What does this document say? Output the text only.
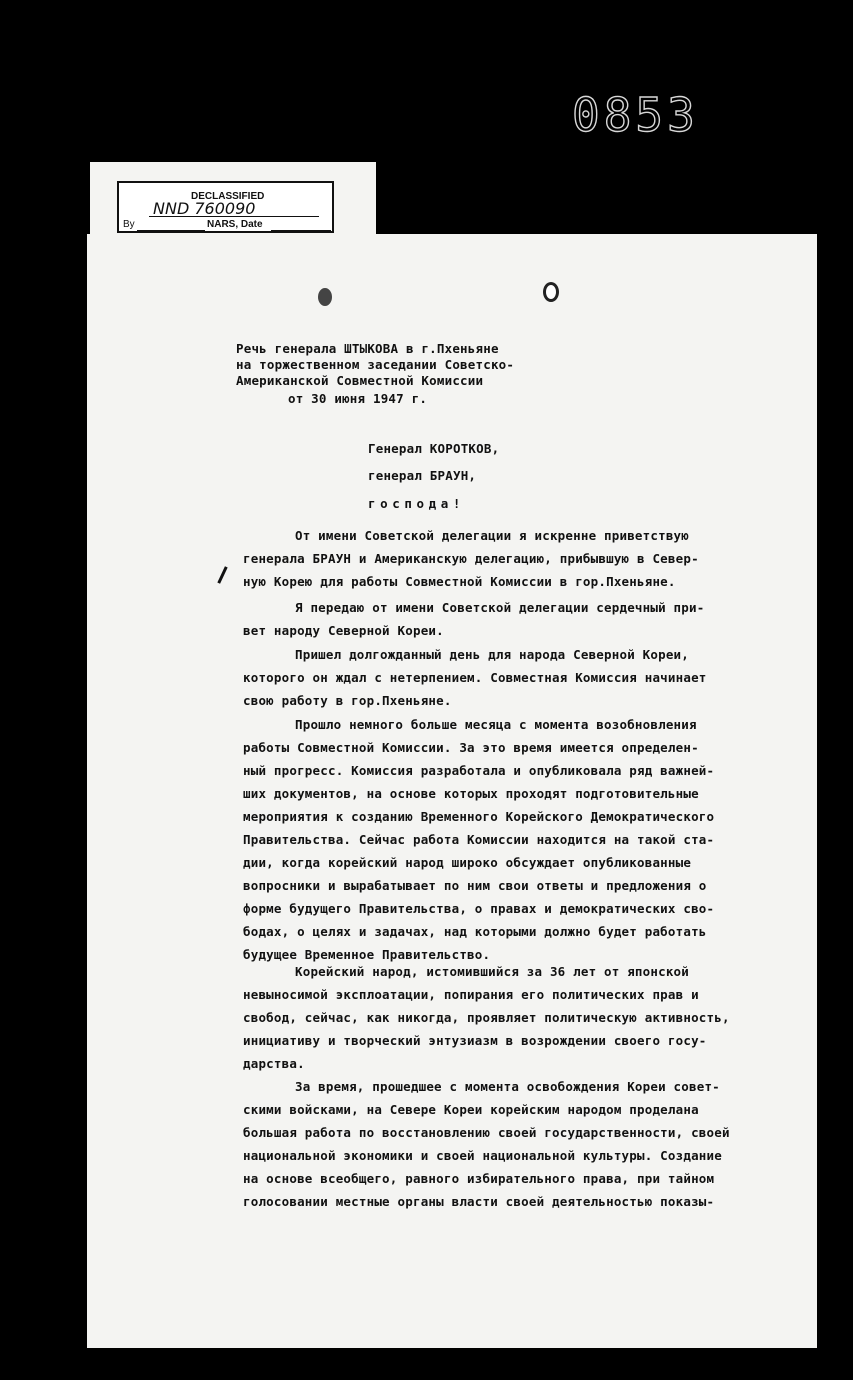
0853
DECLASSIFIED
NND 760090
By	NARS, Date
Речь генерала ШТЫКОВА в г.Пхеньяне
на торжественном заседании Советско-
Американской Совместной Комиссии
от 30 июня 1947 г.
Генерал КОРОТКОВ,
генерал БРАУН,
господа!
От имени Советской делегации я искренне приветствую
генерала БРАУН и Американскую делегацию, прибывшую в Север-
ную Корею для работы Совместной Комиссии в гор.Пхеньяне.
Я передаю от имени Советской делегации сердечный при-
вет народу Северной Кореи.
Пришел долгожданный день для народа Северной Кореи,
которого он ждал с нетерпением. Совместная Комиссия начинает
свою работу в гор.Пхеньяне.
Прошло немного больше месяца с момента возобновления
работы Совместной Комиссии. За это время имеется определен-
ный прогресс. Комиссия разработала и опубликовала ряд важней-
ших документов, на основе которых проходят подготовительные
мероприятия к созданию Временного Корейского Демократического
Правительства. Сейчас работа Комиссии находится на такой ста-
дии, когда корейский народ широко обсуждает опубликованные
вопросники и вырабатывает по ним свои ответы и предложения о
форме будущего Правительства, о правах и демократических сво-
бодах, о целях и задачах, над которыми должно будет работать
будущее Временное Правительство.
Корейский народ, истомившийся за 36 лет от японской
невыносимой эксплоатации, попирания его политических прав и
свобод, сейчас, как никогда, проявляет политическую активность,
инициативу и творческий энтузиазм в возрождении своего госу-
дарства.
За время, прошедшее с момента освобождения Кореи совет-
скими войсками, на Севере Кореи корейским народом проделана
большая работа по восстановлению своей государственности, своей
национальной экономики и своей национальной культуры. Создание
на основе всеобщего, равного избирательного права, при тайном
голосовании местные органы власти своей деятельностью показы-
